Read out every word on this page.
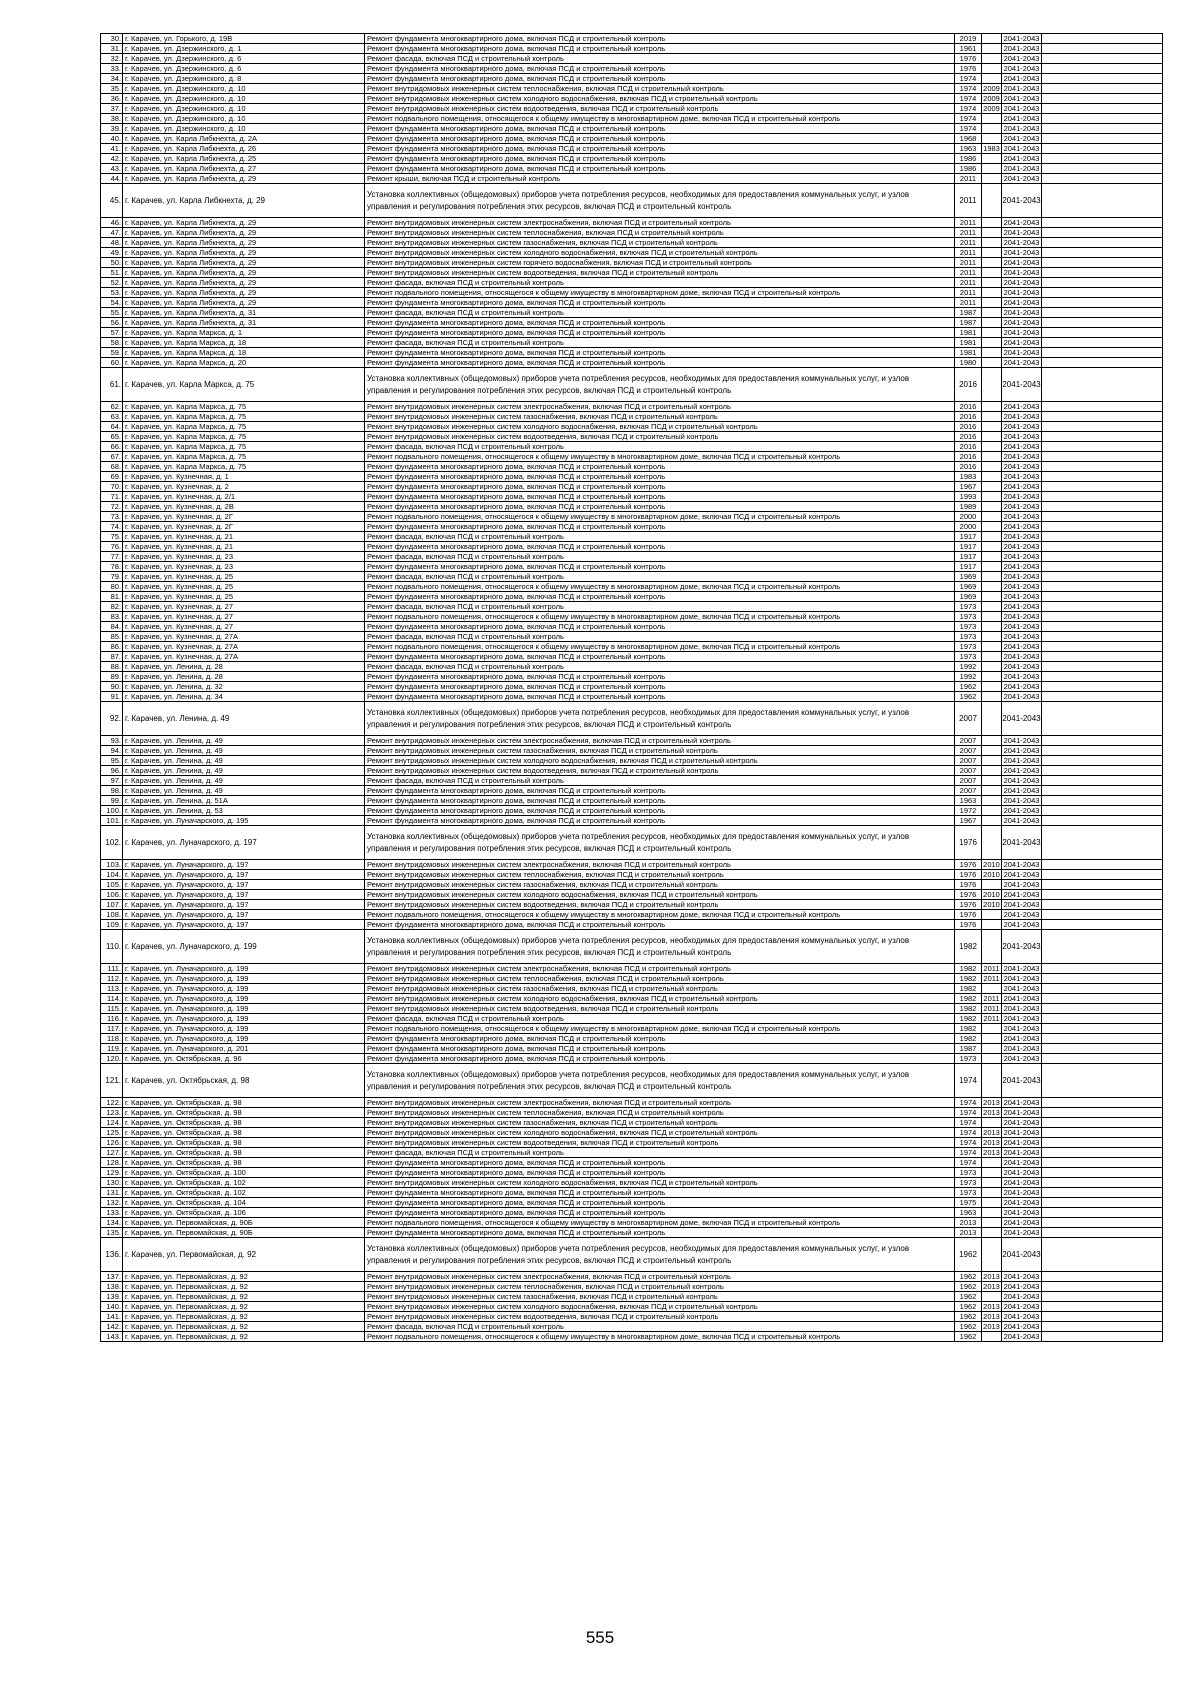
30.	г. Карачев, ул. Горького, д. 19В	Ремонт фундамента многоквартирного дома, включая ПСД и строительный контроль	2019		2041-2043	
31.	г. Карачев, ул. Дзержинского, д. 1	Ремонт фундамента многоквартирного дома, включая ПСД и строительный контроль	1961		2041-2043	
32.	г. Карачев, ул. Дзержинского, д. 6	Ремонт фасада, включая ПСД и строительный контроль	1976		2041-2043	
33.	г. Карачев, ул. Дзержинского, д. 6	Ремонт фундамента многоквартирного дома, включая ПСД и строительный контроль	1976		2041-2043	
34.	г. Карачев, ул. Дзержинского, д. 8	Ремонт фундамента многоквартирного дома, включая ПСД и строительный контроль	1974		2041-2043	
35.	г. Карачев, ул. Дзержинского, д. 10	Ремонт внутридомовых инженерных систем теплоснабжения, включая ПСД и строительный контроль	1974	2009	2041-2043	
36.	г. Карачев, ул. Дзержинского, д. 10	Ремонт внутридомовых инженерных систем холодного водоснабжения, включая ПСД и строительный контроль	1974	2009	2041-2043	
37.	г. Карачев, ул. Дзержинского, д. 10	Ремонт внутридомовых инженерных систем водоотведения, включая ПСД и строительный контроль	1974	2009	2041-2043	
38.	г. Карачев, ул. Дзержинского, д. 10	Ремонт подвального помещения, относящегося к общему имуществу в многоквартирном доме, включая ПСД и строительный контроль	1974		2041-2043	
39.	г. Карачев, ул. Дзержинского, д. 10	Ремонт фундамента многоквартирного дома, включая ПСД и строительный контроль	1974		2041-2043	
40.	г. Карачев, ул. Карла Либкнехта, д. 2А	Ремонт фундамента многоквартирного дома, включая ПСД и строительный контроль	1968		2041-2043	
41.	г. Карачев, ул. Карла Либкнехта, д. 26	Ремонт фундамента многоквартирного дома, включая ПСД и строительный контроль	1963	1983	2041-2043	
42.	г. Карачев, ул. Карла Либкнехта, д. 25	Ремонт фундамента многоквартирного дома, включая ПСД и строительный контроль	1986		2041-2043	
43.	г. Карачев, ул. Карла Либкнехта, д. 27	Ремонт фундамента многоквартирного дома, включая ПСД и строительный контроль	1986		2041-2043	
44.	г. Карачев, ул. Карла Либкнехта, д. 29	Ремонт крыши, включая ПСД и строительный контроль	2011		2041-2043	
45.	г. Карачев, ул. Карла Либкнехта, д. 29	Установка коллективных (общедомовых) приборов учета потребления ресурсов, необходимых для предоставления коммунальных услуг, и узлов управления и регулирования потребления этих ресурсов, включая ПСД и строительный контроль	2011		2041-2043	
46.	г. Карачев, ул. Карла Либкнехта, д. 29	Ремонт внутридомовых инженерных систем электроснабжения, включая ПСД и строительный контроль	2011		2041-2043	
47.	г. Карачев, ул. Карла Либкнехта, д. 29	Ремонт внутридомовых инженерных систем теплоснабжения, включая ПСД и строительный контроль	2011		2041-2043	
48.	г. Карачев, ул. Карла Либкнехта, д. 29	Ремонт внутридомовых инженерных систем газоснабжения, включая ПСД и строительный контроль	2011		2041-2043	
49.	г. Карачев, ул. Карла Либкнехта, д. 29	Ремонт внутридомовых инженерных систем холодного водоснабжения, включая ПСД и строительный контроль	2011		2041-2043	
50.	г. Карачев, ул. Карла Либкнехта, д. 29	Ремонт внутридомовых инженерных систем горячего водоснабжения, включая ПСД и строительный контроль	2011		2041-2043	
51.	г. Карачев, ул. Карла Либкнехта, д. 29	Ремонт внутридомовых инженерных систем водоотведения, включая ПСД и строительный контроль	2011		2041-2043	
52.	г. Карачев, ул. Карла Либкнехта, д. 29	Ремонт фасада, включая ПСД и строительный контроль	2011		2041-2043	
53.	г. Карачев, ул. Карла Либкнехта, д. 29	Ремонт подвального помещения, относящегося к общему имуществу в многоквартирном доме, включая ПСД и строительный контроль	2011		2041-2043	
54.	г. Карачев, ул. Карла Либкнехта, д. 29	Ремонт фундамента многоквартирного дома, включая ПСД и строительный контроль	2011		2041-2043	
55.	г. Карачев, ул. Карла Либкнехта, д. 31	Ремонт фасада, включая ПСД и строительный контроль	1987		2041-2043	
56.	г. Карачев, ул. Карла Либкнехта, д. 31	Ремонт фундамента многоквартирного дома, включая ПСД и строительный контроль	1987		2041-2043	
57.	г. Карачев, ул. Карла Маркса, д. 1	Ремонт фундамента многоквартирного дома, включая ПСД и строительный контроль	1981		2041-2043	
58.	г. Карачев, ул. Карла Маркса, д. 18	Ремонт фасада, включая ПСД и строительный контроль	1981		2041-2043	
59.	г. Карачев, ул. Карла Маркса, д. 18	Ремонт фундамента многоквартирного дома, включая ПСД и строительный контроль	1981		2041-2043	
60.	г. Карачев, ул. Карла Маркса, д. 20	Ремонт фундамента многоквартирного дома, включая ПСД и строительный контроль	1980		2041-2043	
61.	г. Карачев, ул. Карла Маркса, д. 75	Установка коллективных (общедомовых) приборов учета потребления ресурсов, необходимых для предоставления коммунальных услуг, и узлов управления и регулирования потребления этих ресурсов, включая ПСД и строительный контроль	2016		2041-2043	
62.	г. Карачев, ул. Карла Маркса, д. 75	Ремонт внутридомовых инженерных систем электроснабжения, включая ПСД и строительный контроль	2016		2041-2043	
63.	г. Карачев, ул. Карла Маркса, д. 75	Ремонт внутридомовых инженерных систем газоснабжения, включая ПСД и строительный контроль	2016		2041-2043	
64.	г. Карачев, ул. Карла Маркса, д. 75	Ремонт внутридомовых инженерных систем холодного водоснабжения, включая ПСД и строительный контроль	2016		2041-2043	
65.	г. Карачев, ул. Карла Маркса, д. 75	Ремонт внутридомовых инженерных систем водоотведения, включая ПСД и строительный контроль	2016		2041-2043	
66.	г. Карачев, ул. Карла Маркса, д. 75	Ремонт фасада, включая ПСД и строительный контроль	2016		2041-2043	
67.	г. Карачев, ул. Карла Маркса, д. 75	Ремонт подвального помещения, относящегося к общему имуществу в многоквартирном доме, включая ПСД и строительный контроль	2016		2041-2043	
68.	г. Карачев, ул. Карла Маркса, д. 75	Ремонт фундамента многоквартирного дома, включая ПСД и строительный контроль	2016		2041-2043	
69.	г. Карачев, ул. Кузнечная, д. 1	Ремонт фундамента многоквартирного дома, включая ПСД и строительный контроль	1983		2041-2043	
70.	г. Карачев, ул. Кузнечная, д. 2	Ремонт фундамента многоквартирного дома, включая ПСД и строительный контроль	1967		2041-2043	
71.	г. Карачев, ул. Кузнечная, д. 2/1	Ремонт фундамента многоквартирного дома, включая ПСД и строительный контроль	1993		2041-2043	
72.	г. Карачев, ул. Кузнечная, д. 2В	Ремонт фундамента многоквартирного дома, включая ПСД и строительный контроль	1989		2041-2043	
73.	г. Карачев, ул. Кузнечная, д. 2Г	Ремонт подвального помещения, относящегося к общему имуществу в многоквартирном доме, включая ПСД и строительный контроль	2000		2041-2043	
74.	г. Карачев, ул. Кузнечная, д. 2Г	Ремонт фундамента многоквартирного дома, включая ПСД и строительный контроль	2000		2041-2043	
75.	г. Карачев, ул. Кузнечная, д. 21	Ремонт фасада, включая ПСД и строительный контроль	1917		2041-2043	
76.	г. Карачев, ул. Кузнечная, д. 21	Ремонт фундамента многоквартирного дома, включая ПСД и строительный контроль	1917		2041-2043	
77.	г. Карачев, ул. Кузнечная, д. 23	Ремонт фасада, включая ПСД и строительный контроль	1917		2041-2043	
78.	г. Карачев, ул. Кузнечная, д. 23	Ремонт фундамента многоквартирного дома, включая ПСД и строительный контроль	1917		2041-2043	
79.	г. Карачев, ул. Кузнечная, д. 25	Ремонт фасада, включая ПСД и строительный контроль	1969		2041-2043	
80.	г. Карачев, ул. Кузнечная, д. 25	Ремонт подвального помещения, относящегося к общему имуществу в многоквартирном доме, включая ПСД и строительный контроль	1969		2041-2043	
81.	г. Карачев, ул. Кузнечная, д. 25	Ремонт фундамента многоквартирного дома, включая ПСД и строительный контроль	1969		2041-2043	
82.	г. Карачев, ул. Кузнечная, д. 27	Ремонт фасада, включая ПСД и строительный контроль	1973		2041-2043	
83.	г. Карачев, ул. Кузнечная, д. 27	Ремонт подвального помещения, относящегося к общему имуществу в многоквартирном доме, включая ПСД и строительный контроль	1973		2041-2043	
84.	г. Карачев, ул. Кузнечная, д. 27	Ремонт фундамента многоквартирного дома, включая ПСД и строительный контроль	1973		2041-2043	
85.	г. Карачев, ул. Кузнечная, д. 27А	Ремонт фасада, включая ПСД и строительный контроль	1973		2041-2043	
86.	г. Карачев, ул. Кузнечная, д. 27А	Ремонт подвального помещения, относящегося к общему имуществу в многоквартирном доме, включая ПСД и строительный контроль	1973		2041-2043	
87.	г. Карачев, ул. Кузнечная, д. 27А	Ремонт фундамента многоквартирного дома, включая ПСД и строительный контроль	1973		2041-2043	
88.	г. Карачев, ул. Ленина, д. 28	Ремонт фасада, включая ПСД и строительный контроль	1992		2041-2043	
89.	г. Карачев, ул. Ленина, д. 28	Ремонт фундамента многоквартирного дома, включая ПСД и строительный контроль	1992		2041-2043	
90.	г. Карачев, ул. Ленина, д. 32	Ремонт фундамента многоквартирного дома, включая ПСД и строительный контроль	1962		2041-2043	
91.	г. Карачев, ул. Ленина, д. 34	Ремонт фундамента многоквартирного дома, включая ПСД и строительный контроль	1962		2041-2043	
92.	г. Карачев, ул. Ленина, д. 49	Установка коллективных (общедомовых) приборов учета потребления ресурсов, необходимых для предоставления коммунальных услуг, и узлов управления и регулирования потребления этих ресурсов, включая ПСД и строительный контроль	2007		2041-2043	
93.	г. Карачев, ул. Ленина, д. 49	Ремонт внутридомовых инженерных систем электроснабжения, включая ПСД и строительный контроль	2007		2041-2043	
94.	г. Карачев, ул. Ленина, д. 49	Ремонт внутридомовых инженерных систем газоснабжения, включая ПСД и строительный контроль	2007		2041-2043	
95.	г. Карачев, ул. Ленина, д. 49	Ремонт внутридомовых инженерных систем холодного водоснабжения, включая ПСД и строительный контроль	2007		2041-2043	
96.	г. Карачев, ул. Ленина, д. 49	Ремонт внутридомовых инженерных систем водоотведения, включая ПСД и строительный контроль	2007		2041-2043	
97.	г. Карачев, ул. Ленина, д. 49	Ремонт фасада, включая ПСД и строительный контроль	2007		2041-2043	
98.	г. Карачев, ул. Ленина, д. 49	Ремонт фундамента многоквартирного дома, включая ПСД и строительный контроль	2007		2041-2043	
99.	г. Карачев, ул. Ленина, д. 51А	Ремонт фундамента многоквартирного дома, включая ПСД и строительный контроль	1963		2041-2043	
100.	г. Карачев, ул. Ленина, д. 53	Ремонт фундамента многоквартирного дома, включая ПСД и строительный контроль	1972		2041-2043	
101.	г. Карачев, ул. Луначарского, д. 195	Ремонт фундамента многоквартирного дома, включая ПСД и строительный контроль	1967		2041-2043	
102.	г. Карачев, ул. Луначарского, д. 197	Установка коллективных (общедомовых) приборов учета потребления ресурсов, необходимых для предоставления коммунальных услуг, и узлов управления и регулирования потребления этих ресурсов, включая ПСД и строительный контроль	1976		2041-2043	
103.	г. Карачев, ул. Луначарского, д. 197	Ремонт внутридомовых инженерных систем электроснабжения, включая ПСД и строительный контроль	1976	2010	2041-2043	
104.	г. Карачев, ул. Луначарского, д. 197	Ремонт внутридомовых инженерных систем теплоснабжения, включая ПСД и строительный контроль	1976	2010	2041-2043	
105.	г. Карачев, ул. Луначарского, д. 197	Ремонт внутридомовых инженерных систем газоснабжения, включая ПСД и строительный контроль	1976		2041-2043	
106.	г. Карачев, ул. Луначарского, д. 197	Ремонт внутридомовых инженерных систем холодного водоснабжения, включая ПСД и строительный контроль	1976	2010	2041-2043	
107.	г. Карачев, ул. Луначарского, д. 197	Ремонт внутридомовых инженерных систем водоотведения, включая ПСД и строительный контроль	1976	2010	2041-2043	
108.	г. Карачев, ул. Луначарского, д. 197	Ремонт подвального помещения, относящегося к общему имуществу в многоквартирном доме, включая ПСД и строительный контроль	1976		2041-2043	
109.	г. Карачев, ул. Луначарского, д. 197	Ремонт фундамента многоквартирного дома, включая ПСД и строительный контроль	1976		2041-2043	
110.	г. Карачев, ул. Луначарского, д. 199	Установка коллективных (общедомовых) приборов учета потребления ресурсов, необходимых для предоставления коммунальных услуг, и узлов управления и регулирования потребления этих ресурсов, включая ПСД и строительный контроль	1982		2041-2043	
111.	г. Карачев, ул. Луначарского, д. 199	Ремонт внутридомовых инженерных систем электроснабжения, включая ПСД и строительный контроль	1982	2011	2041-2043	
112.	г. Карачев, ул. Луначарского, д. 199	Ремонт внутридомовых инженерных систем теплоснабжения, включая ПСД и строительный контроль	1982	2011	2041-2043	
113.	г. Карачев, ул. Луначарского, д. 199	Ремонт внутридомовых инженерных систем газоснабжения, включая ПСД и строительный контроль	1982		2041-2043	
114.	г. Карачев, ул. Луначарского, д. 199	Ремонт внутридомовых инженерных систем холодного водоснабжения, включая ПСД и строительный контроль	1982	2011	2041-2043	
115.	г. Карачев, ул. Луначарского, д. 199	Ремонт внутридомовых инженерных систем водоотведения, включая ПСД и строительный контроль	1982	2011	2041-2043	
116.	г. Карачев, ул. Луначарского, д. 199	Ремонт фасада, включая ПСД и строительный контроль	1982	2011	2041-2043	
117.	г. Карачев, ул. Луначарского, д. 199	Ремонт подвального помещения, относящегося к общему имуществу в многоквартирном доме, включая ПСД и строительный контроль	1982		2041-2043	
118.	г. Карачев, ул. Луначарского, д. 199	Ремонт фундамента многоквартирного дома, включая ПСД и строительный контроль	1982		2041-2043	
119.	г. Карачев, ул. Луначарского, д. 201	Ремонт фундамента многоквартирного дома, включая ПСД и строительный контроль	1987		2041-2043	
120.	г. Карачев, ул. Октябрьская, д. 96	Ремонт фундамента многоквартирного дома, включая ПСД и строительный контроль	1973		2041-2043	
121.	г. Карачев, ул. Октябрьская, д. 98	Установка коллективных (общедомовых) приборов учета потребления ресурсов, необходимых для предоставления коммунальных услуг, и узлов управления и регулирования потребления этих ресурсов, включая ПСД и строительный контроль	1974		2041-2043	
122.	г. Карачев, ул. Октябрьская, д. 98	Ремонт внутридомовых инженерных систем электроснабжения, включая ПСД и строительный контроль	1974	2013	2041-2043	
123.	г. Карачев, ул. Октябрьская, д. 98	Ремонт внутридомовых инженерных систем теплоснабжения, включая ПСД и строительный контроль	1974	2013	2041-2043	
124.	г. Карачев, ул. Октябрьская, д. 98	Ремонт внутридомовых инженерных систем газоснабжения, включая ПСД и строительный контроль	1974		2041-2043	
125.	г. Карачев, ул. Октябрьская, д. 98	Ремонт внутридомовых инженерных систем холодного водоснабжения, включая ПСД и строительный контроль	1974	2013	2041-2043	
126.	г. Карачев, ул. Октябрьская, д. 98	Ремонт внутридомовых инженерных систем водоотведения, включая ПСД и строительный контроль	1974	2013	2041-2043	
127.	г. Карачев, ул. Октябрьская, д. 98	Ремонт фасада, включая ПСД и строительный контроль	1974	2013	2041-2043	
128.	г. Карачев, ул. Октябрьская, д. 98	Ремонт фундамента многоквартирного дома, включая ПСД и строительный контроль	1974		2041-2043	
129.	г. Карачев, ул. Октябрьская, д. 100	Ремонт фундамента многоквартирного дома, включая ПСД и строительный контроль	1973		2041-2043	
130.	г. Карачев, ул. Октябрьская, д. 102	Ремонт внутридомовых инженерных систем холодного водоснабжения, включая ПСД и строительный контроль	1973		2041-2043	
131.	г. Карачев, ул. Октябрьская, д. 102	Ремонт фундамента многоквартирного дома, включая ПСД и строительный контроль	1973		2041-2043	
132.	г. Карачев, ул. Октябрьская, д. 104	Ремонт фундамента многоквартирного дома, включая ПСД и строительный контроль	1975		2041-2043	
133.	г. Карачев, ул. Октябрьская, д. 106	Ремонт фундамента многоквартирного дома, включая ПСД и строительный контроль	1963		2041-2043	
134.	г. Карачев, ул. Первомайская, д. 90Б	Ремонт подвального помещения, относящегося к общему имуществу в многоквартирном доме, включая ПСД и строительный контроль	2013		2041-2043	
135.	г. Карачев, ул. Первомайская, д. 90Б	Ремонт фундамента многоквартирного дома, включая ПСД и строительный контроль	2013		2041-2043	
136.	г. Карачев, ул. Первомайская, д. 92	Установка коллективных (общедомовых) приборов учета потребления ресурсов, необходимых для предоставления коммунальных услуг, и узлов управления и регулирования потребления этих ресурсов, включая ПСД и строительный контроль	1962		2041-2043	
137.	г. Карачев, ул. Первомайская, д. 92	Ремонт внутридомовых инженерных систем электроснабжения, включая ПСД и строительный контроль	1962	2013	2041-2043	
138.	г. Карачев, ул. Первомайская, д. 92	Ремонт внутридомовых инженерных систем теплоснабжения, включая ПСД и строительный контроль	1962	2013	2041-2043	
139.	г. Карачев, ул. Первомайская, д. 92	Ремонт внутридомовых инженерных систем газоснабжения, включая ПСД и строительный контроль	1962		2041-2043	
140.	г. Карачев, ул. Первомайская, д. 92	Ремонт внутридомовых инженерных систем холодного водоснабжения, включая ПСД и строительный контроль	1962	2013	2041-2043	
141.	г. Карачев, ул. Первомайская, д. 92	Ремонт внутридомовых инженерных систем водоотведения, включая ПСД и строительный контроль	1962	2013	2041-2043	
142.	г. Карачев, ул. Первомайская, д. 92	Ремонт фасада, включая ПСД и строительный контроль	1962	2013	2041-2043	
143.	г. Карачев, ул. Первомайская, д. 92	Ремонт подвального помещения, относящегося к общему имуществу в многоквартирном доме, включая ПСД и строительный контроль	1962		2041-2043	
555
